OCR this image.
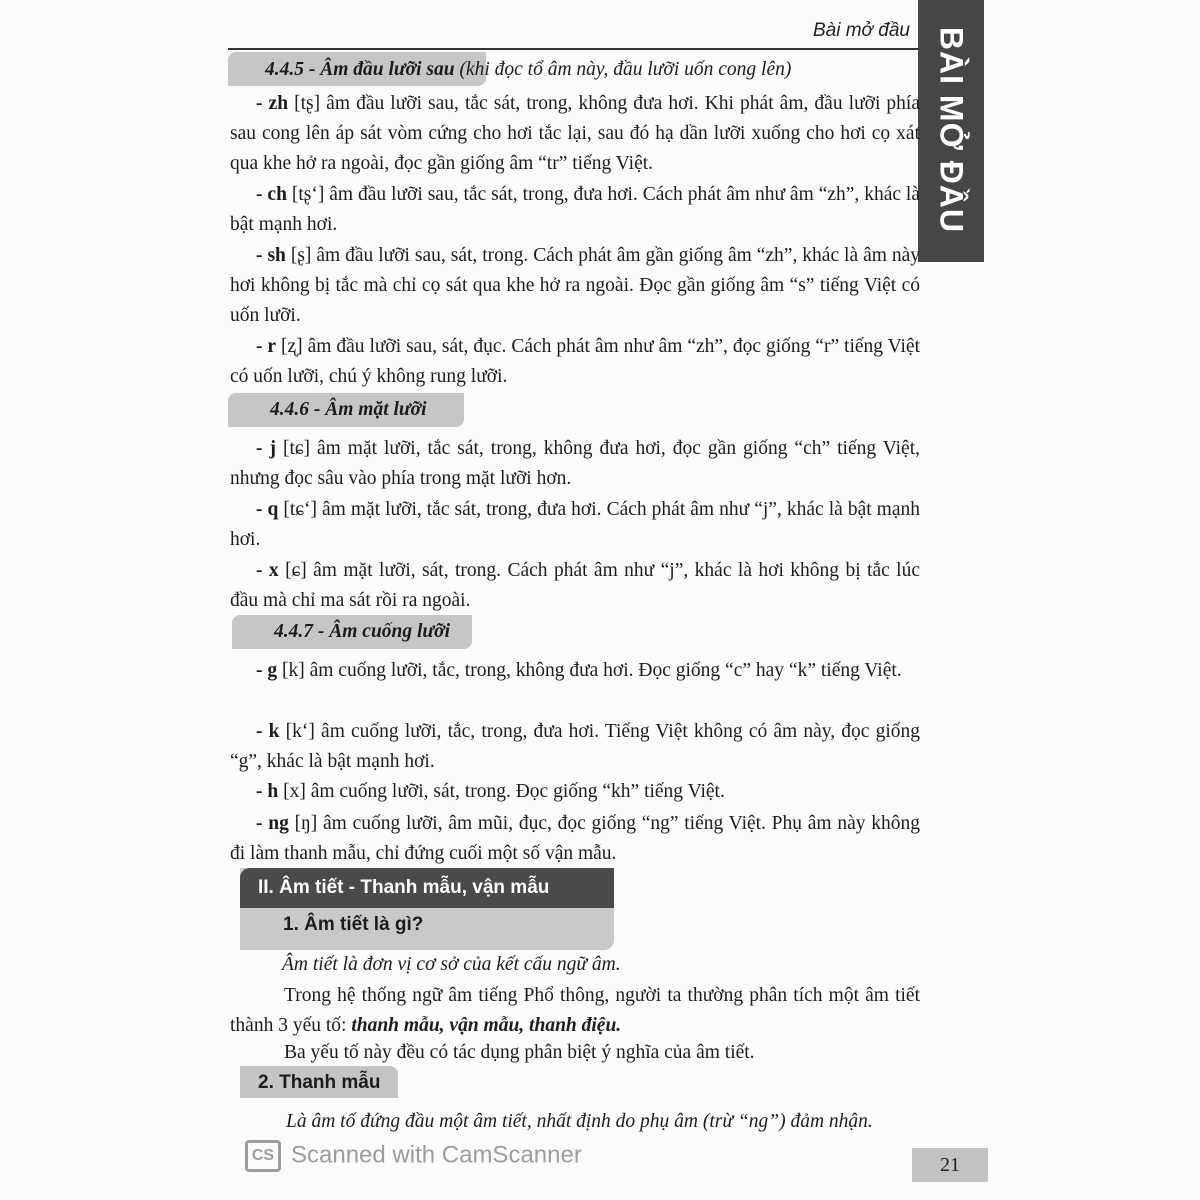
Bài mở đầu BÀI MỞ ĐẦU
4.4.5 - Âm đầu lưỡi sau (khi đọc tổ âm này, đầu lưỡi uốn cong lên)
- zh [tʂ] âm đầu lưỡi sau, tắc sát, trong, không đưa hơi. Khi phát âm, đầu lưỡi phía sau cong lên áp sát vòm cứng cho hơi tắc lại, sau đó hạ dần lưỡi xuống cho hơi cọ xát qua khe hở ra ngoài, đọc gần giống âm “tr” tiếng Việt.
- ch [tʂʻ] âm đầu lưỡi sau, tắc sát, trong, đưa hơi. Cách phát âm như âm “zh”, khác là bật mạnh hơi.
- sh [ʂ] âm đầu lưỡi sau, sát, trong. Cách phát âm gần giống âm “zh”, khác là âm này hơi không bị tắc mà chỉ cọ sát qua khe hở ra ngoài. Đọc gần giống âm “s” tiếng Việt có uốn lưỡi.
- r [ʐ] âm đầu lưỡi sau, sát, đục. Cách phát âm như âm “zh”, đọc giống “r” tiếng Việt có uốn lưỡi, chú ý không rung lưỡi.
4.4.6 - Âm mặt lưỡi
- j [tɕ] âm mặt lưỡi, tắc sát, trong, không đưa hơi, đọc gần giống “ch” tiếng Việt, nhưng đọc sâu vào phía trong mặt lưỡi hơn.
- q [tɕʻ] âm mặt lưỡi, tắc sát, trong, đưa hơi. Cách phát âm như “j”, khác là bật mạnh hơi.
- x [ɕ] âm mặt lưỡi, sát, trong. Cách phát âm như “j”, khác là hơi không bị tắc lúc đầu mà chỉ ma sát rồi ra ngoài.
4.4.7 - Âm cuống lưỡi
- g [k] âm cuống lưỡi, tắc, trong, không đưa hơi. Đọc giống “c” hay “k” tiếng Việt.
- k [kʻ] âm cuống lưỡi, tắc, trong, đưa hơi. Tiếng Việt không có âm này, đọc giống “g”, khác là bật mạnh hơi.
- h [x] âm cuống lưỡi, sát, trong. Đọc giống “kh” tiếng Việt.
- ng [ŋ] âm cuống lưỡi, âm mũi, đục, đọc giống “ng” tiếng Việt. Phụ âm này không đi làm thanh mẫu, chỉ đứng cuối một số vận mẫu.
II. Âm tiết - Thanh mẫu, vận mẫu
1. Âm tiết là gì?
Âm tiết là đơn vị cơ sở của kết cấu ngữ âm.
Trong hệ thống ngữ âm tiếng Phổ thông, người ta thường phân tích một âm tiết thành 3 yếu tố: thanh mẫu, vận mẫu, thanh điệu.
Ba yếu tố này đều có tác dụng phân biệt ý nghĩa của âm tiết.
2. Thanh mẫu
Là âm tố đứng đầu một âm tiết, nhất định do phụ âm (trừ “ng”) đảm nhận.
CS Scanned with CamScanner	21
